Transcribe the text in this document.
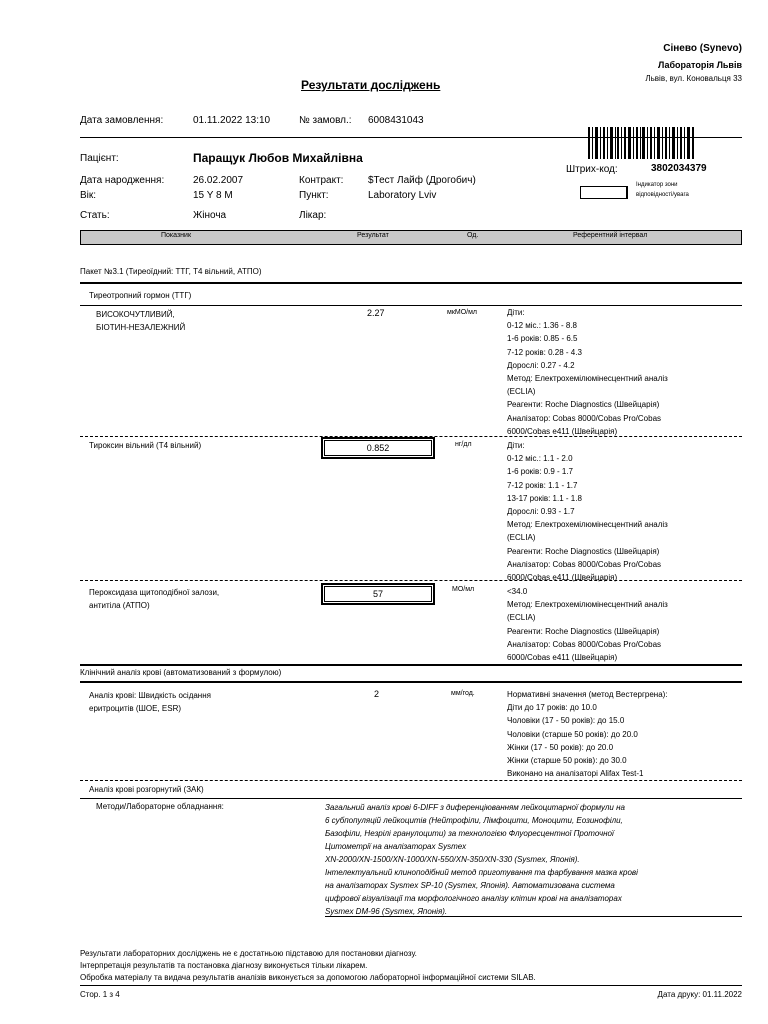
Сінево (Synevo)
Лабораторія Львів
Львів, вул. Коновальця 33
Результати досліджень
Дата замовлення:	01.11.2022 13:10	№ замовл.: 6008431043
Штрих-код:	3802034379
Індикатор зони
відповідності/увага
Пацієнт:	Паращук Любов Михайлівна
Дата народження:	26.02.2007	Контракт: $Тест Лайф (Дрогобич)
Вік:	15 Y 8 M	Пункт:	Laboratory Lviv
Стать:	Жіноча	Лікар:
Показник	Результат	Од.	Референтний інтервал
Пакет №3.1 (Тиреоїдний: ТТГ, Т4 вільний, АТПО)
Тиреотропний гормон (ТТГ)
ВИСОКОЧУТЛИВИЙ,
БІОТИН-НЕЗАЛЕЖНИЙ
2.27	мкМО/мл	Діти:
0-12 міс.: 1.36 - 8.8
1-6 років: 0.85 - 6.5
7-12 років: 0.28 - 4.3
Дорослі: 0.27 - 4.2
Метод: Електрохемілюмінесцентний аналіз
(ECLIA)
Реагенти: Roche Diagnostics (Швейцарія)
Аналізатор: Cobas 8000/Cobas Pro/Cobas
6000/Cobas e411 (Швейцарія)
Тироксин вільний (Т4 вільний)	0.852	нг/дл	Діти:
0-12 міс.: 1.1 - 2.0
1-6 років: 0.9 - 1.7
7-12 років: 1.1 - 1.7
13-17 років: 1.1 - 1.8
Дорослі: 0.93 - 1.7
Метод: Електрохемілюмінесцентний аналіз
(ECLIA)
Реагенти: Roche Diagnostics (Швейцарія)
Аналізатор: Cobas 8000/Cobas Pro/Cobas
6000/Cobas e411 (Швейцарія)
Пероксидаза щитоподібної залози,
антитіла (АТПО)
57	МО/мл	<34.0
Метод: Електрохемілюмінесцентний аналіз
(ECLIA)
Реагенти: Roche Diagnostics (Швейцарія)
Аналізатор: Cobas 8000/Cobas Pro/Cobas
6000/Cobas e411 (Швейцарія)
Клінічний аналіз крові (автоматизований з формулою)
Аналіз крові: Швидкість осідання
еритроцитів (ШОЕ, ESR)
2	мм/год.	Нормативні значення (метод Вестергрена):
Діти до 17 років: до 10.0
Чоловіки (17 - 50 років): до 15.0
Чоловіки (старше 50 років): до 20.0
Жінки (17 - 50 років): до 20.0
Жінки (старше 50 років): до 30.0
Виконано на аналізаторі Alifax Test-1
Аналіз крові розгорнутий (ЗАК)
Методи/Лабораторне обладнання:	Загальний аналіз крові 6-DIFF з диференціюванням лейкоцитарної формули на
6 субпопуляцій лейкоцитів (Нейтрофіли, Лімфоцити, Моноцити, Еозинофіли,
Базофіли, Незрілі гранулоцити) за технологією Флуоресцентної Проточної
Цитометрії на аналізаторах Sysmex
XN-2000/XN-1500/XN-1000/XN-550/XN-350/XN-330 (Sysmex, Японія).
Інтелектуальний клиноподібний метод приготування та фарбування мазка крові
на аналізаторах Sysmex SP-10 (Sysmex, Японія). Автоматизована система
цифрової візуалізації та морфологічного аналізу клітин крові на аналізаторах
Sysmex DM-96 (Sysmex, Японія).
Результати лабораторних досліджень не є достатньою підставою для постановки діагнозу.
Інтерпретація результатів та постановка діагнозу виконується тільки лікарем.
Обробка матеріалу та видача результатів аналізів виконується за допомогою лабораторної інформаційної системи SILAB.
Стор. 1 з 4	Дата друку: 01.11.2022
